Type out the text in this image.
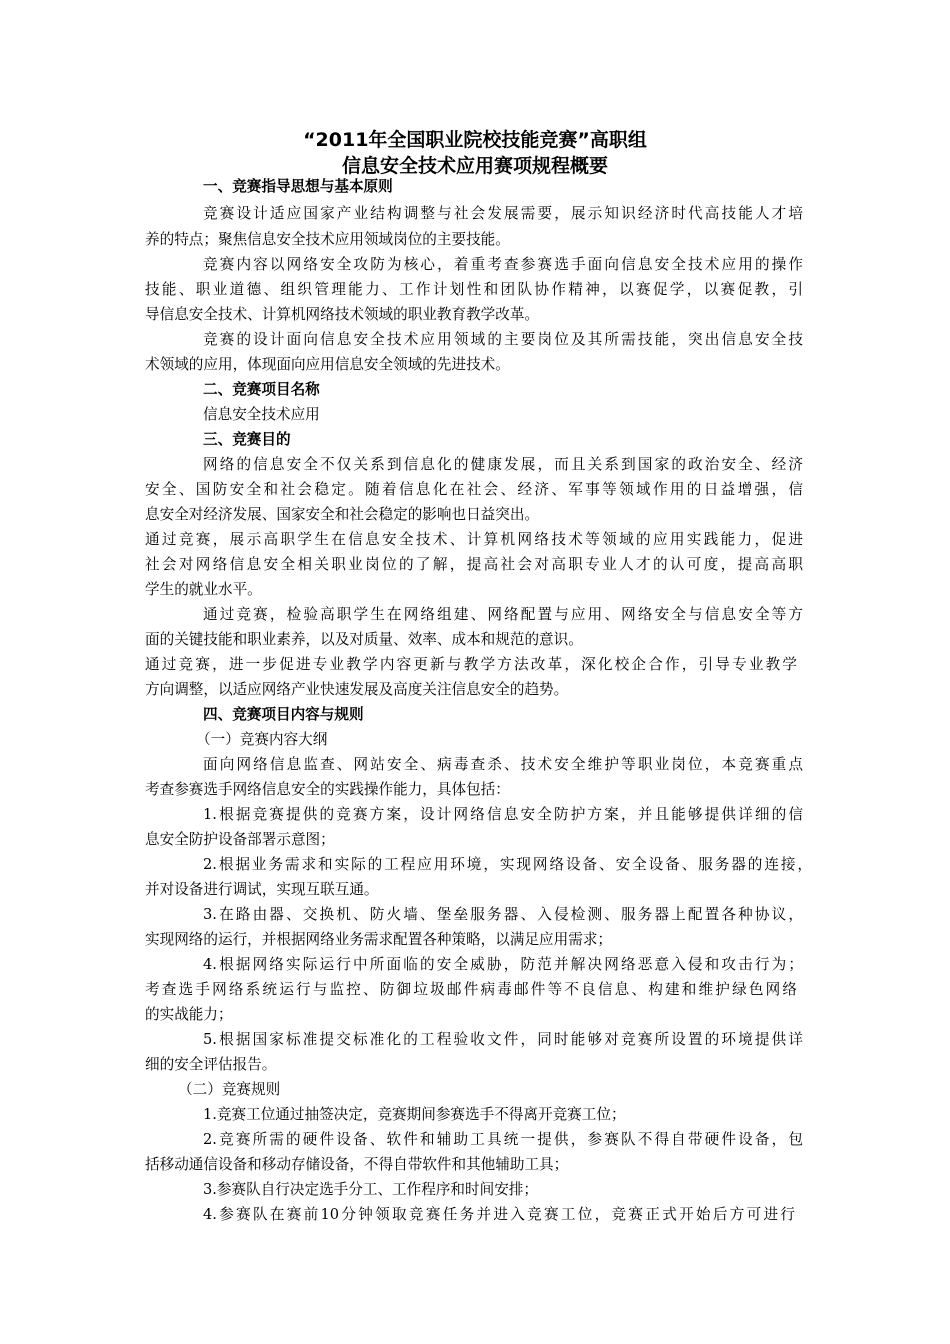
“2011年全国职业院校技能竞赛”高职组
信息安全技术应用赛项规程概要
一、竞赛指导思想与基本原则
竞赛设计适应国家产业结构调整与社会发展需要，展示知识经济时代高技能人才培
养的特点；聚焦信息安全技术应用领域岗位的主要技能。
竞赛内容以网络安全攻防为核心，着重考查参赛选手面向信息安全技术应用的操作
技能、职业道德、组织管理能力、工作计划性和团队协作精神，以赛促学，以赛促教，引
导信息安全技术、计算机网络技术领域的职业教育教学改革。
竞赛的设计面向信息安全技术应用领域的主要岗位及其所需技能，突出信息安全技
术领域的应用，体现面向应用信息安全领域的先进技术。
二、竞赛项目名称
信息安全技术应用
三、竞赛目的
网络的信息安全不仅关系到信息化的健康发展，而且关系到国家的政治安全、经济
安全、国防安全和社会稳定。随着信息化在社会、经济、军事等领域作用的日益增强，信
息安全对经济发展、国家安全和社会稳定的影响也日益突出。
通过竞赛，展示高职学生在信息安全技术、计算机网络技术等领域的应用实践能力，促进
社会对网络信息安全相关职业岗位的了解，提高社会对高职专业人才的认可度，提高高职
学生的就业水平。
通过竞赛，检验高职学生在网络组建、网络配置与应用、网络安全与信息安全等方
面的关键技能和职业素养，以及对质量、效率、成本和规范的意识。
通过竞赛，进一步促进专业教学内容更新与教学方法改革，深化校企合作，引导专业教学
方向调整，以适应网络产业快速发展及高度关注信息安全的趋势。
四、竞赛项目内容与规则
（一）竞赛内容大纲
面向网络信息监查、网站安全、病毒查杀、技术安全维护等职业岗位，本竞赛重点
考查参赛选手网络信息安全的实践操作能力，具体包括：
1.根据竞赛提供的竞赛方案，设计网络信息安全防护方案，并且能够提供详细的信
息安全防护设备部署示意图；
2.根据业务需求和实际的工程应用环境，实现网络设备、安全设备、服务器的连接，
并对设备进行调试，实现互联互通。
3.在路由器、交换机、防火墙、堡垒服务器、入侵检测、服务器上配置各种协议，
实现网络的运行，并根据网络业务需求配置各种策略，以满足应用需求；
4.根据网络实际运行中所面临的安全威胁，防范并解决网络恶意入侵和攻击行为；
考查选手网络系统运行与监控、防御垃圾邮件病毒邮件等不良信息、构建和维护绿色网络
的实战能力；
5.根据国家标准提交标准化的工程验收文件，同时能够对竞赛所设置的环境提供详
细的安全评估报告。
（二）竞赛规则
1.竞赛工位通过抽签决定，竞赛期间参赛选手不得离开竞赛工位；
2.竞赛所需的硬件设备、软件和辅助工具统一提供，参赛队不得自带硬件设备，包
括移动通信设备和移动存储设备，不得自带软件和其他辅助工具；
3.参赛队自行决定选手分工、工作程序和时间安排；
4.参赛队在赛前10分钟领取竞赛任务并进入竞赛工位，竞赛正式开始后方可进行
